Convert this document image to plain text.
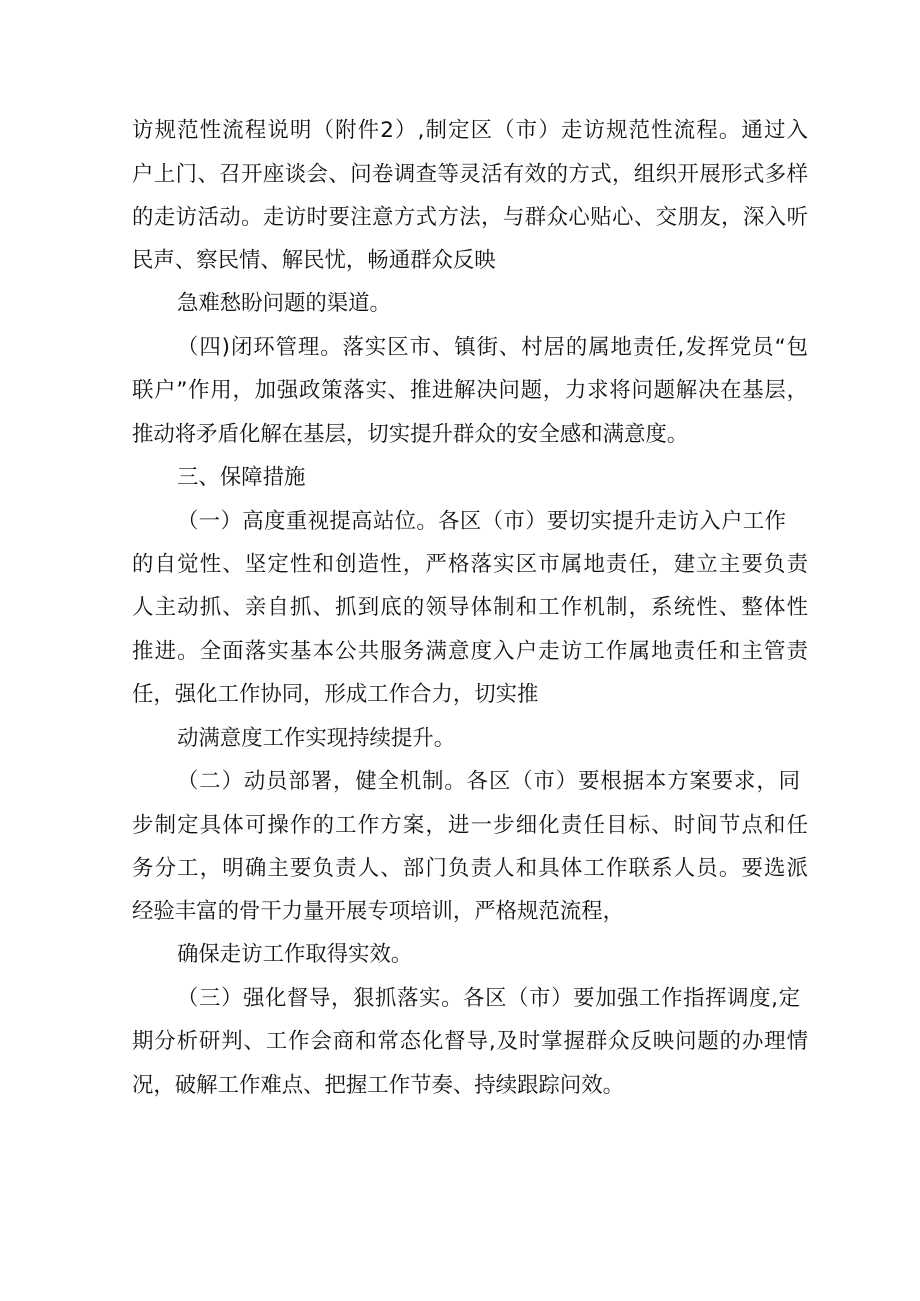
访规范性流程说明（附件2）,制定区（市）走访规范性流程。通过入
户上门、召开座谈会、问卷调查等灵活有效的方式，组织开展形式多样
的走访活动。走访时要注意方式方法，与群众心贴心、交朋友，深入听
民声、察民情、解民忧，畅通群众反映
急难愁盼问题的渠道。
（四)闭环管理。落实区市、镇街、村居的属地责任,发挥党员“包
联户”作用，加强政策落实、推进解决问题，力求将问题解决在基层，
推动将矛盾化解在基层，切实提升群众的安全感和满意度。
三、保障措施
（一）高度重视提高站位。各区（市）要切实提升走访入户工作
的自觉性、坚定性和创造性，严格落实区市属地责任，建立主要负责
人主动抓、亲自抓、抓到底的领导体制和工作机制，系统性、整体性
推进。全面落实基本公共服务满意度入户走访工作属地责任和主管责
任，强化工作协同，形成工作合力，切实推
动满意度工作实现持续提升。
（二）动员部署，健全机制。各区（市）要根据本方案要求，同
步制定具体可操作的工作方案，进一步细化责任目标、时间节点和任
务分工，明确主要负责人、部门负责人和具体工作联系人员。要选派
经验丰富的骨干力量开展专项培训，严格规范流程，
确保走访工作取得实效。
（三）强化督导，狠抓落实。各区（市）要加强工作指挥调度,定
期分析研判、工作会商和常态化督导,及时掌握群众反映问题的办理情
况，破解工作难点、把握工作节奏、持续跟踪问效。
